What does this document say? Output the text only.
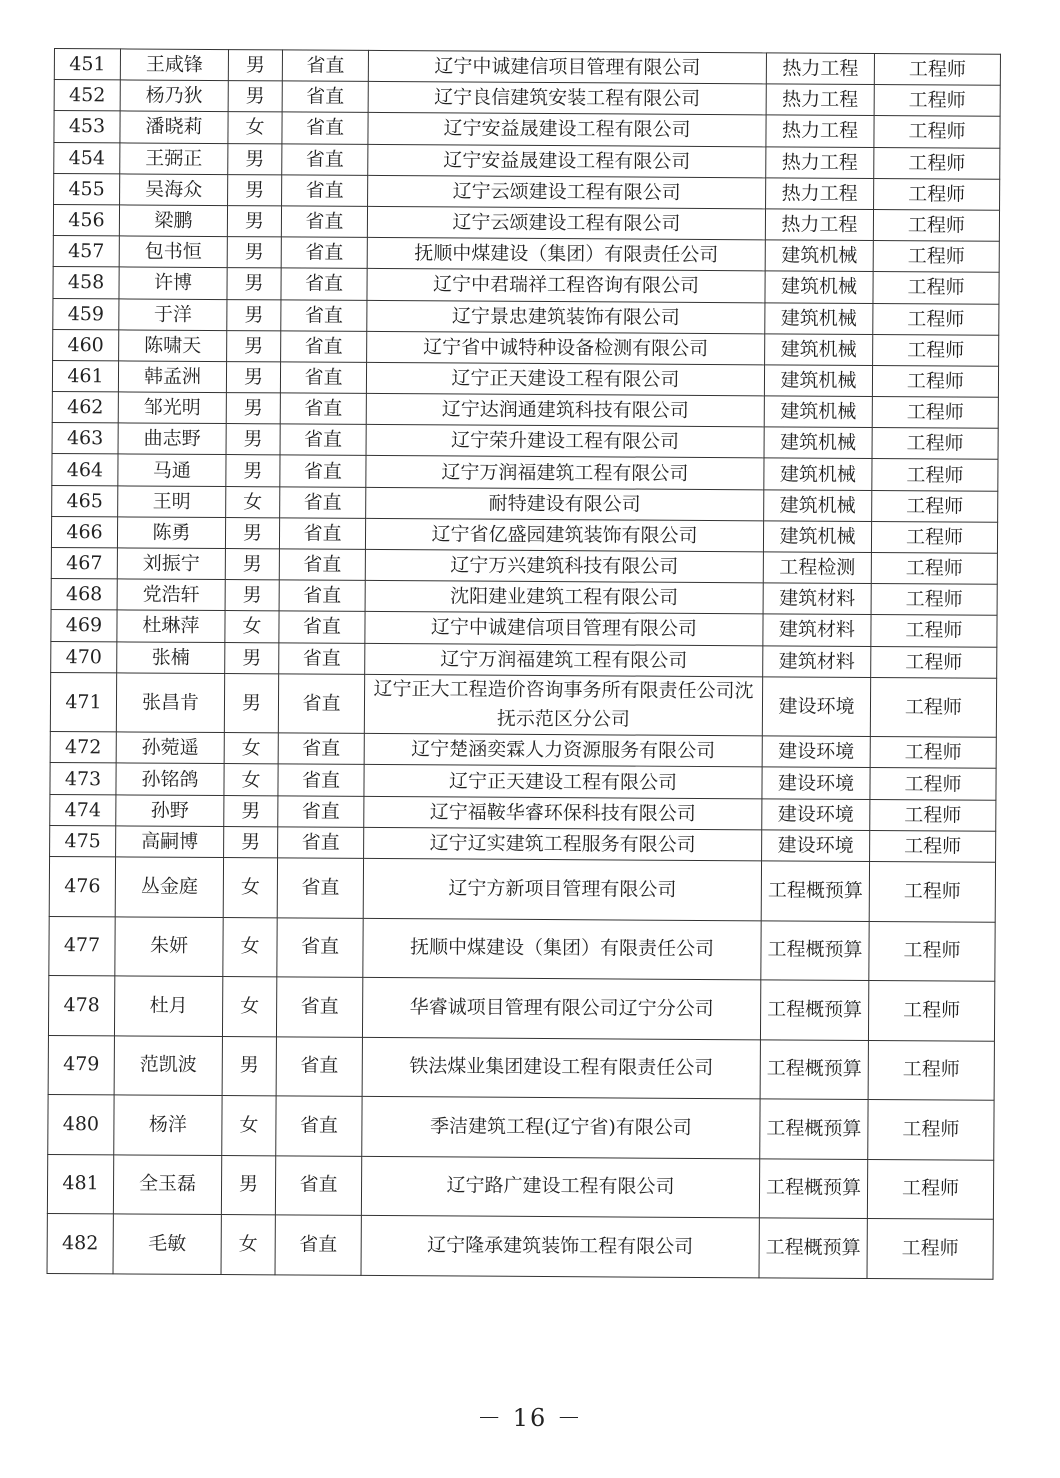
451	王咸锋	男	省直	辽宁中诚建信项目管理有限公司	热力工程	工程师
452	杨乃狄	男	省直	辽宁良信建筑安装工程有限公司	热力工程	工程师
453	潘晓莉	女	省直	辽宁安益晟建设工程有限公司	热力工程	工程师
454	王弼正	男	省直	辽宁安益晟建设工程有限公司	热力工程	工程师
455	吴海众	男	省直	辽宁云颂建设工程有限公司	热力工程	工程师
456	梁鹏	男	省直	辽宁云颂建设工程有限公司	热力工程	工程师
457	包书恒	男	省直	抚顺中煤建设（集团）有限责任公司	建筑机械	工程师
458	许博	男	省直	辽宁中君瑞祥工程咨询有限公司	建筑机械	工程师
459	于洋	男	省直	辽宁景忠建筑装饰有限公司	建筑机械	工程师
460	陈啸天	男	省直	辽宁省中诚特种设备检测有限公司	建筑机械	工程师
461	韩孟洲	男	省直	辽宁正天建设工程有限公司	建筑机械	工程师
462	邹光明	男	省直	辽宁达润通建筑科技有限公司	建筑机械	工程师
463	曲志野	男	省直	辽宁荣升建设工程有限公司	建筑机械	工程师
464	马通	男	省直	辽宁万润福建筑工程有限公司	建筑机械	工程师
465	王明	女	省直	耐特建设有限公司	建筑机械	工程师
466	陈勇	男	省直	辽宁省亿盛园建筑装饰有限公司	建筑机械	工程师
467	刘振宁	男	省直	辽宁万兴建筑科技有限公司	工程检测	工程师
468	党浩轩	男	省直	沈阳建业建筑工程有限公司	建筑材料	工程师
469	杜琳萍	女	省直	辽宁中诚建信项目管理有限公司	建筑材料	工程师
470	张楠	男	省直	辽宁万润福建筑工程有限公司	建筑材料	工程师
471	张昌肯	男	省直	辽宁正大工程造价咨询事务所有限责任公司沈抚示范区分公司	建设环境	工程师
472	孙菀遥	女	省直	辽宁楚涵奕霖人力资源服务有限公司	建设环境	工程师
473	孙铭鸽	女	省直	辽宁正天建设工程有限公司	建设环境	工程师
474	孙野	男	省直	辽宁福鞍华睿环保科技有限公司	建设环境	工程师
475	高嗣博	男	省直	辽宁辽实建筑工程服务有限公司	建设环境	工程师
476	丛金庭	女	省直	辽宁方新项目管理有限公司	工程概预算	工程师
477	朱妍	女	省直	抚顺中煤建设（集团）有限责任公司	工程概预算	工程师
478	杜月	女	省直	华睿诚项目管理有限公司辽宁分公司	工程概预算	工程师
479	范凯波	男	省直	铁法煤业集团建设工程有限责任公司	工程概预算	工程师
480	杨洋	女	省直	季洁建筑工程(辽宁省)有限公司	工程概预算	工程师
481	全玉磊	男	省直	辽宁路广建设工程有限公司	工程概预算	工程师
482	毛敏	女	省直	辽宁隆承建筑装饰工程有限公司	工程概预算	工程师
－ 16 －
